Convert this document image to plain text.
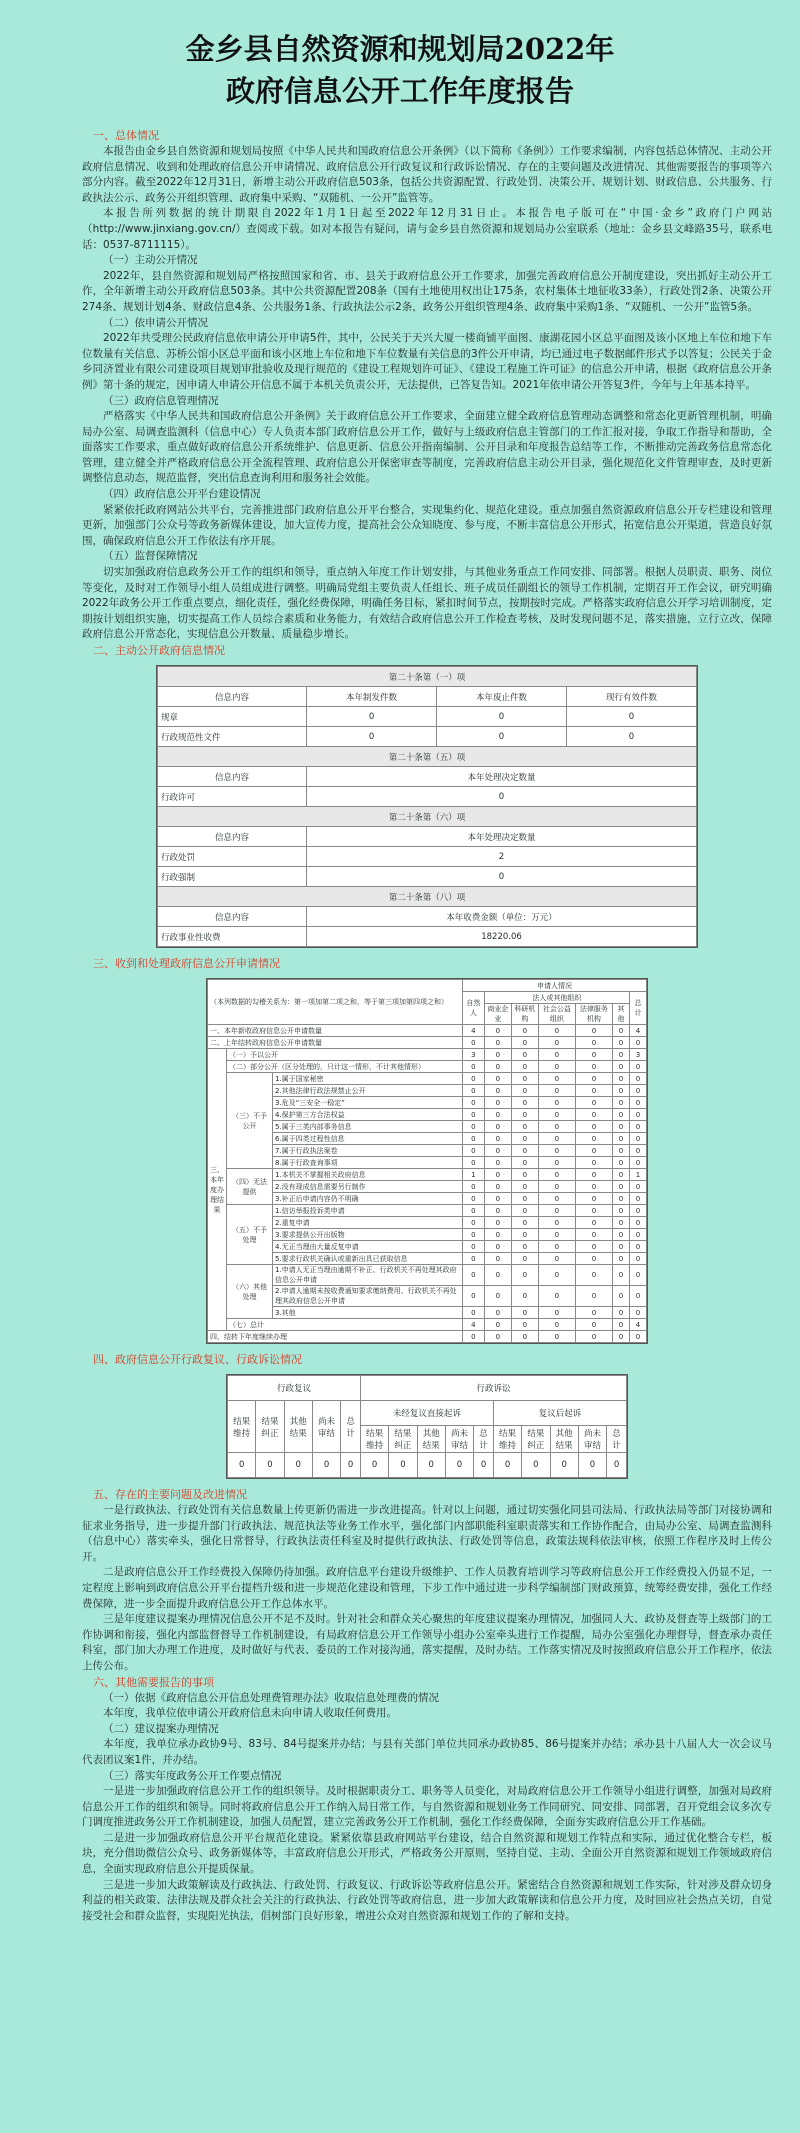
金乡县自然资源和规划局2022年
政府信息公开工作年度报告
一、总体情况

本报告由金乡县自然资源和规划局按照《中华人民共和国政府信息公开条例》（以下简称《条例》）工作要求编制，内容包括总体情况、主动公开政府信息情况、收到和处理政府信息公开申请情况、政府信息公开行政复议和行政诉讼情况、存在的主要问题及改进情况、其他需要报告的事项等六部分内容。截至2022年12月31日，新增主动公开政府信息503条，包括公共资源配置、行政处罚、决策公开、规划计划、财政信息、公共服务、行政执法公示、政务公开组织管理、政府集中采购、“双随机、一公开”监管等。

本报告所列数据的统计期限自2022年1月1日起至2022年12月31日止。本报告电子版可在“中国·金乡”政府门户网站（http://www.jinxiang.gov.cn/）查阅或下载。如对本报告有疑问，请与金乡县自然资源和规划局办公室联系（地址：金乡县文峰路35号，联系电话：0537-8711115）。

（一）主动公开情况

2022年，县自然资源和规划局严格按照国家和省、市、县关于政府信息公开工作要求，加强完善政府信息公开制度建设，突出抓好主动公开工作，全年新增主动公开政府信息503条。其中公共资源配置208条（国有土地使用权出让175条，农村集体土地征收33条），行政处罚2条、决策公开274条、规划计划4条、财政信息4条、公共服务1条、行政执法公示2条，政务公开组织管理4条、政府集中采购1条、“双随机、一公开”监管5条。

（二）依申请公开情况

2022年共受理公民政府信息依申请公开申请5件，其中，公民关于天兴大厦一楼商铺平面图、康湖花园小区总平面图及该小区地上车位和地下车位数量有关信息、苏桥公馆小区总平面和该小区地上车位和地下车位数量有关信息的3件公开申请，均已通过电子数据邮件形式予以答复；公民关于金乡同济置业有限公司建设项目规划审批验收及现行规范的《建设工程规划许可证》、《建设工程施工许可证》的信息公开申请，根据《政府信息公开条例》第十条的规定，因申请人申请公开信息不属于本机关负责公开，无法提供，已答复告知。2021年依申请公开答复3件，今年与上年基本持平。

（三）政府信息管理情况

严格落实《中华人民共和国政府信息公开条例》关于政府信息公开工作要求，全面建立健全政府信息管理动态调整和常态化更新管理机制，明确局办公室、局调查监测科（信息中心）专人负责本部门政府信息公开工作，做好与上级政府信息主管部门的工作汇报对接，争取工作指导和帮助，全面落实工作要求，重点做好政府信息公开系统维护、信息更新、信息公开指南编制、公开目录和年度报告总结等工作，不断推动完善政务信息常态化管理，建立健全并严格政府信息公开全流程管理、政府信息公开保密审查等制度，完善政府信息主动公开目录，强化规范化文件管理审查，及时更新调整信息动态，规范监督，突出信息查询利用和服务社会效能。

（四）政府信息公开平台建设情况

紧紧依托政府网站公共平台，完善推进部门政府信息公开平台整合，实现集约化、规范化建设。重点加强自然资源政府信息公开专栏建设和管理更新，加强部门公众号等政务新媒体建设，加大宣传力度，提高社会公众知晓度、参与度，不断丰富信息公开形式，拓宽信息公开渠道，营造良好氛围，确保政府信息公开工作依法有序开展。

（五）监督保障情况

切实加强政府信息政务公开工作的组织和领导，重点纳入年度工作计划安排，与其他业务重点工作同安排、同部署。根据人员职责、职务、岗位等变化，及时对工作领导小组人员组成进行调整。明确局党组主要负责人任组长、班子成员任副组长的领导工作机制，定期召开工作会议，研究明确2022年政务公开工作重点要点，细化责任，强化经费保障，明确任务目标，紧扣时间节点，按期按时完成。严格落实政府信息公开学习培训制度，定期按计划组织实施，切实提高工作人员综合素质和业务能力，有效结合政府信息公开工作检查考核，及时发现问题不足，落实措施，立行立改，保障政府信息公开常态化，实现信息公开数量、质量稳步增长。

二、主动公开政府信息情况
第二十条第（一）项			
信息内容	本年制发件数	本年废止件数	现行有效件数
规章	0	0	0
行政规范性文件	0	0	0
第二十条第（五）项			
信息内容	本年处理决定数量		
行政许可	0		
第二十条第（六）项			
信息内容	本年处理决定数量		
行政处罚	2		
行政强制	0		
第二十条第（八）项			
信息内容	本年收费金额（单位：万元）		
行政事业性收费	18220.06		
三、收到和处理政府信息公开申请情况
（本列数据的勾稽关系为：第一项加第二项之和，等于第三项加第四项之和）			申请人情况						
			自然人	法人或其他组织					总计
				商业企业	科研机构	社会公益组织	法律服务机构	其他	
一、本年新收政府信息公开申请数量			4	0	0	0	0	0	4
二、上年结转政府信息公开申请数量			0	0	0	0	0	0	0
三、本年度办理结果	（一）予以公开		3	0	0	0	0	0	3
	（二）部分公开（区分处理的，只计这一情形，不计其他情形）		0	0	0	0	0	0	0
	（三）不予公开	1.属于国家秘密	0	0	0	0	0	0	0
		2.其他法律行政法规禁止公开	0	0	0	0	0	0	0
		3.危及“三安全一稳定”	0	0	0	0	0	0	0
		4.保护第三方合法权益	0	0	0	0	0	0	0
		5.属于三类内部事务信息	0	0	0	0	0	0	0
		6.属于四类过程性信息	0	0	0	0	0	0	0
		7.属于行政执法案卷	0	0	0	0	0	0	0
		8.属于行政查询事项	0	0	0	0	0	0	0
	（四）无法提供	1.本机关不掌握相关政府信息	1	0	0	0	0	0	1
		2.没有现成信息需要另行制作	0	0	0	0	0	0	0
		3.补正后申请内容仍不明确	0	0	0	0	0	0	0
	（五）不予处理	1.信访举报投诉类申请	0	0	0	0	0	0	0
		2.重复申请	0	0	0	0	0	0	0
		3.要求提供公开出版物	0	0	0	0	0	0	0
		4.无正当理由大量反复申请	0	0	0	0	0	0	0
		5.要求行政机关确认或重新出具已获取信息	0	0	0	0	0	0	0
	（六）其他处理	1.申请人无正当理由逾期不补正、行政机关不再处理其政府信息公开申请	0	0	0	0	0	0	0
		2.申请人逾期未按收费通知要求缴纳费用、行政机关不再处理其政府信息公开申请	0	0	0	0	0	0	0
		3.其他	0	0	0	0	0	0	0
	（七）总计		4	0	0	0	0	0	4
四、结转下年度继续办理			0	0	0	0	0	0	0
四、政府信息公开行政复议、行政诉讼情况
行政复议					行政诉讼									
结果维持	结果纠正	其他结果	尚未审结	总计	未经复议直接起诉					复议后起诉				
					结果维持	结果纠正	其他结果	尚未审结	总计	结果维持	结果纠正	其他结果	尚未审结	总计
0	0	0	0	0	0	0	0	0	0	0	0	0	0	0
五、存在的主要问题及改进情况

一是行政执法、行政处罚有关信息数量上传更新仍需进一步改进提高。针对以上问题，通过切实强化同县司法局、行政执法局等部门对接协调和征求业务指导，进一步提升部门行政执法、规范执法等业务工作水平，强化部门内部职能科室职责落实和工作协作配合，由局办公室、局调查监测科（信息中心）落实牵头，强化日常督导，行政执法责任科室及时提供行政执法、行政处罚等信息，政策法规科依法审核，依照工作程序及时上传公开。

二是政府信息公开工作经费投入保障仍待加强。政府信息平台建设升级维护、工作人员教育培训学习等政府信息公开工作经费投入仍显不足，一定程度上影响到政府信息公开平台提档升级和进一步规范化建设和管理，下步工作中通过进一步科学编制部门财政预算，统筹经费安排，强化工作经费保障，进一步全面提升政府信息公开工作总体水平。

三是年度建议提案办理情况信息公开不足不及时。针对社会和群众关心聚焦的年度建议提案办理情况，加强同人大、政协及督查等上级部门的工作协调和衔接，强化内部监督督导工作机制建设，有局政府信息公开工作领导小组办公室牵头进行工作提醒，局办公室强化办理督导，督查承办责任科室，部门加大办理工作进度，及时做好与代表、委员的工作对接沟通，落实提醒，及时办结。工作落实情况及时按照政府信息公开工作程序，依法上传公布。

六、其他需要报告的事项
（一）依据《政府信息公开信息处理费管理办法》收取信息处理费的情况

本年度，我单位依申请公开政府信息未向申请人收取任何费用。

（二）建议提案办理情况

本年度，我单位承办政协9号、83号、84号提案并办结；与县有关部门单位共同承办政协85、86号提案并办结；承办县十八届人大一次会议马代表团议案1件，并办结。

（三）落实年度政务公开工作要点情况

一是进一步加强政府信息公开工作的组织领导。及时根据职责分工、职务等人员变化，对局政府信息公开工作领导小组进行调整，加强对局政府信息公开工作的组织和领导。同时将政府信息公开工作纳入局日常工作，与自然资源和规划业务工作同研究、同安排、同部署，召开党组会议多次专门调度推进政务公开工作机制建设，加强人员配置，建立完善政务公开工作机制，强化工作经费保障，全面夯实政府信息公开工作基础。

二是进一步加强政府信息公开平台规范化建设。紧紧依靠县政府网站平台建设，结合自然资源和规划工作特点和实际，通过优化整合专栏，板块，充分借助微信公众号、政务新媒体等，丰富政府信息公开形式，严格政务公开原则，坚持自觉、主动、全面公开自然资源和规划工作领域政府信息，全面实现政府信息公开提质保量。

三是进一步加大政策解读及行政执法、行政处罚、行政复议、行政诉讼等政府信息公开。紧密结合自然资源和规划工作实际，针对涉及群众切身利益的相关政策、法律法规及群众社会关注的行政执法、行政处罚等政府信息，进一步加大政策解读和信息公开力度，及时回应社会热点关切，自觉接受社会和群众监督，实现阳光执法，倡树部门良好形象，增进公众对自然资源和规划工作的了解和支持。
